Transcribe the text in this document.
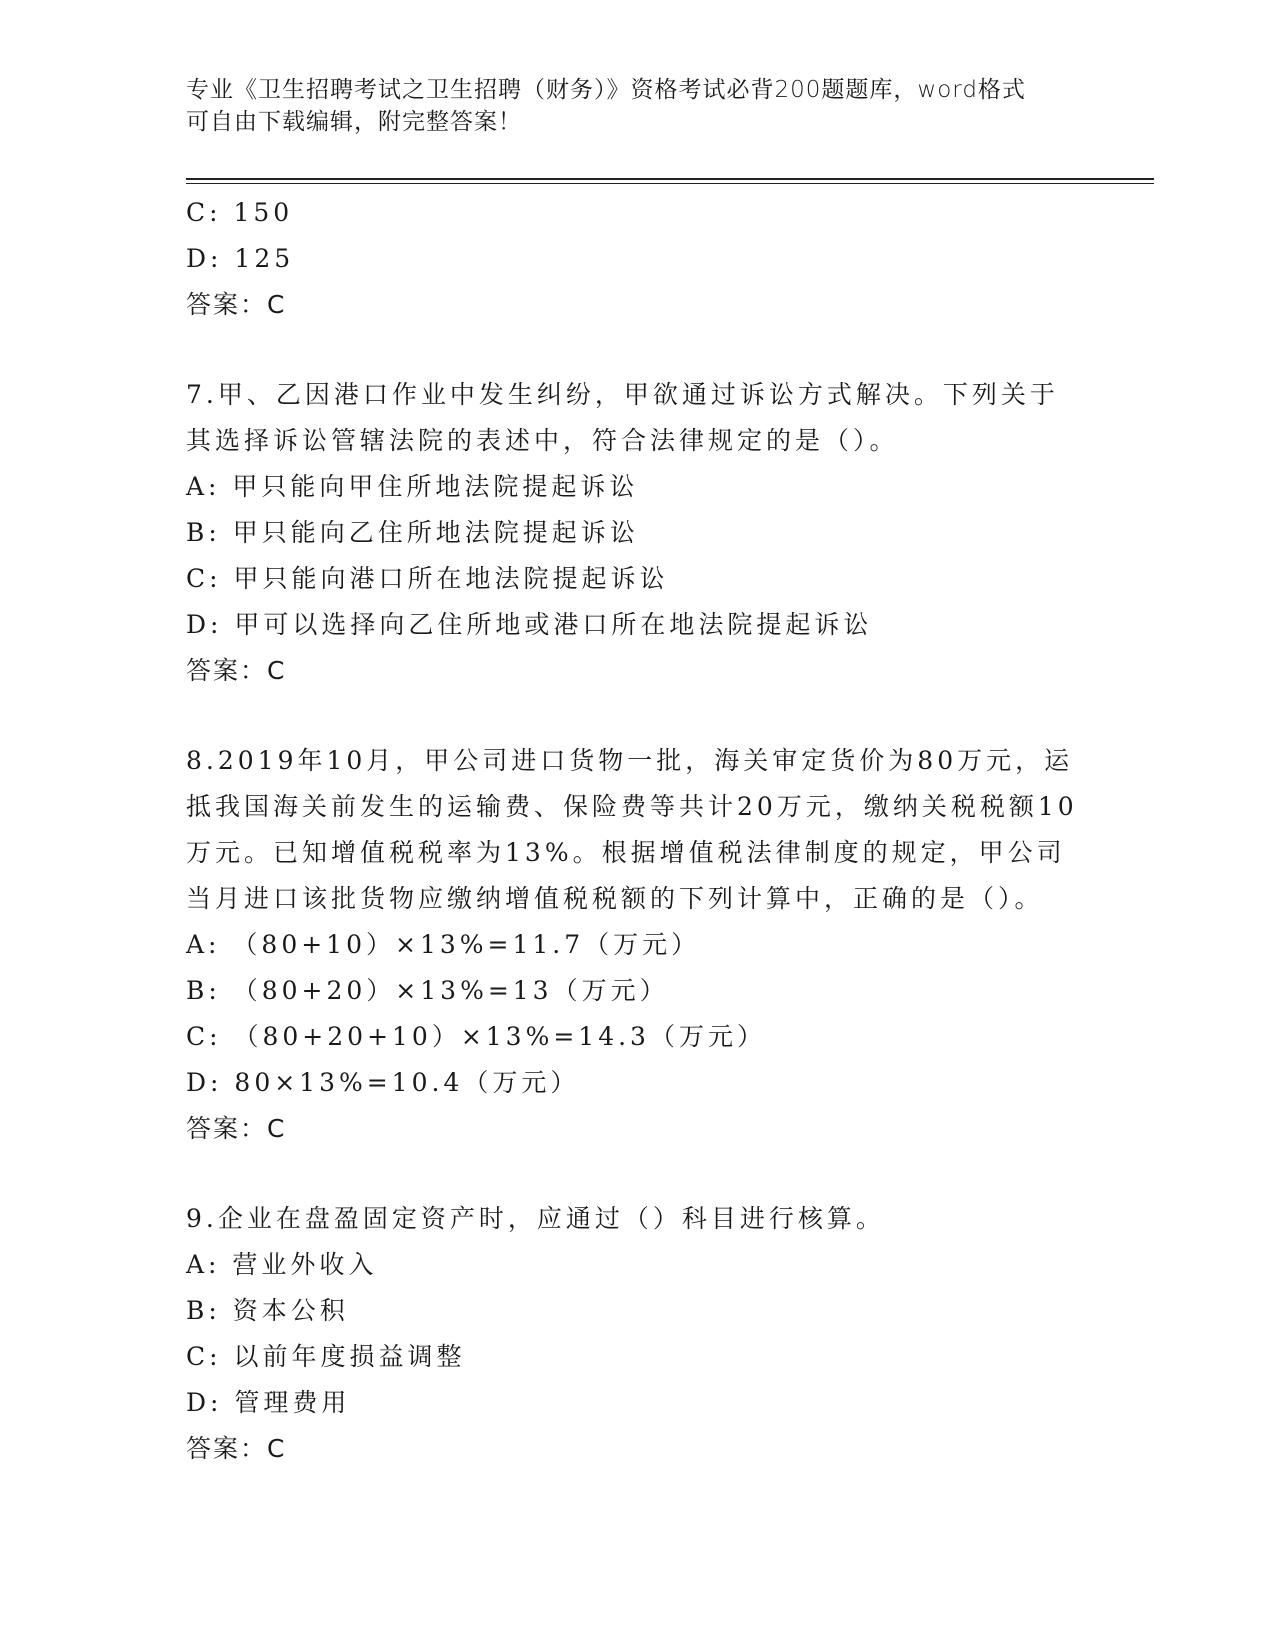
专业《卫生招聘考试之卫生招聘（财务）》资格考试必背200题题库，word格式
可自由下载编辑，附完整答案！
C: 150
D: 125
答案：C
7.甲、乙因港口作业中发生纠纷，甲欲通过诉讼方式解决。下列关于
其选择诉讼管辖法院的表述中，符合法律规定的是（）。
A: 甲只能向甲住所地法院提起诉讼
B: 甲只能向乙住所地法院提起诉讼
C: 甲只能向港口所在地法院提起诉讼
D: 甲可以选择向乙住所地或港口所在地法院提起诉讼
答案：C
8.2019年10月，甲公司进口货物一批，海关审定货价为80万元，运
抵我国海关前发生的运输费、保险费等共计20万元，缴纳关税税额10
万元。已知增值税税率为13%。根据增值税法律制度的规定，甲公司
当月进口该批货物应缴纳增值税税额的下列计算中，正确的是（）。
A: （80+10）×13%=11.7（万元）
B: （80+20）×13%=13（万元）
C: （80+20+10）×13%=14.3（万元）
D: 80×13%=10.4（万元）
答案：C
9.企业在盘盈固定资产时，应通过（）科目进行核算。
A: 营业外收入
B: 资本公积
C: 以前年度损益调整
D: 管理费用
答案：C
